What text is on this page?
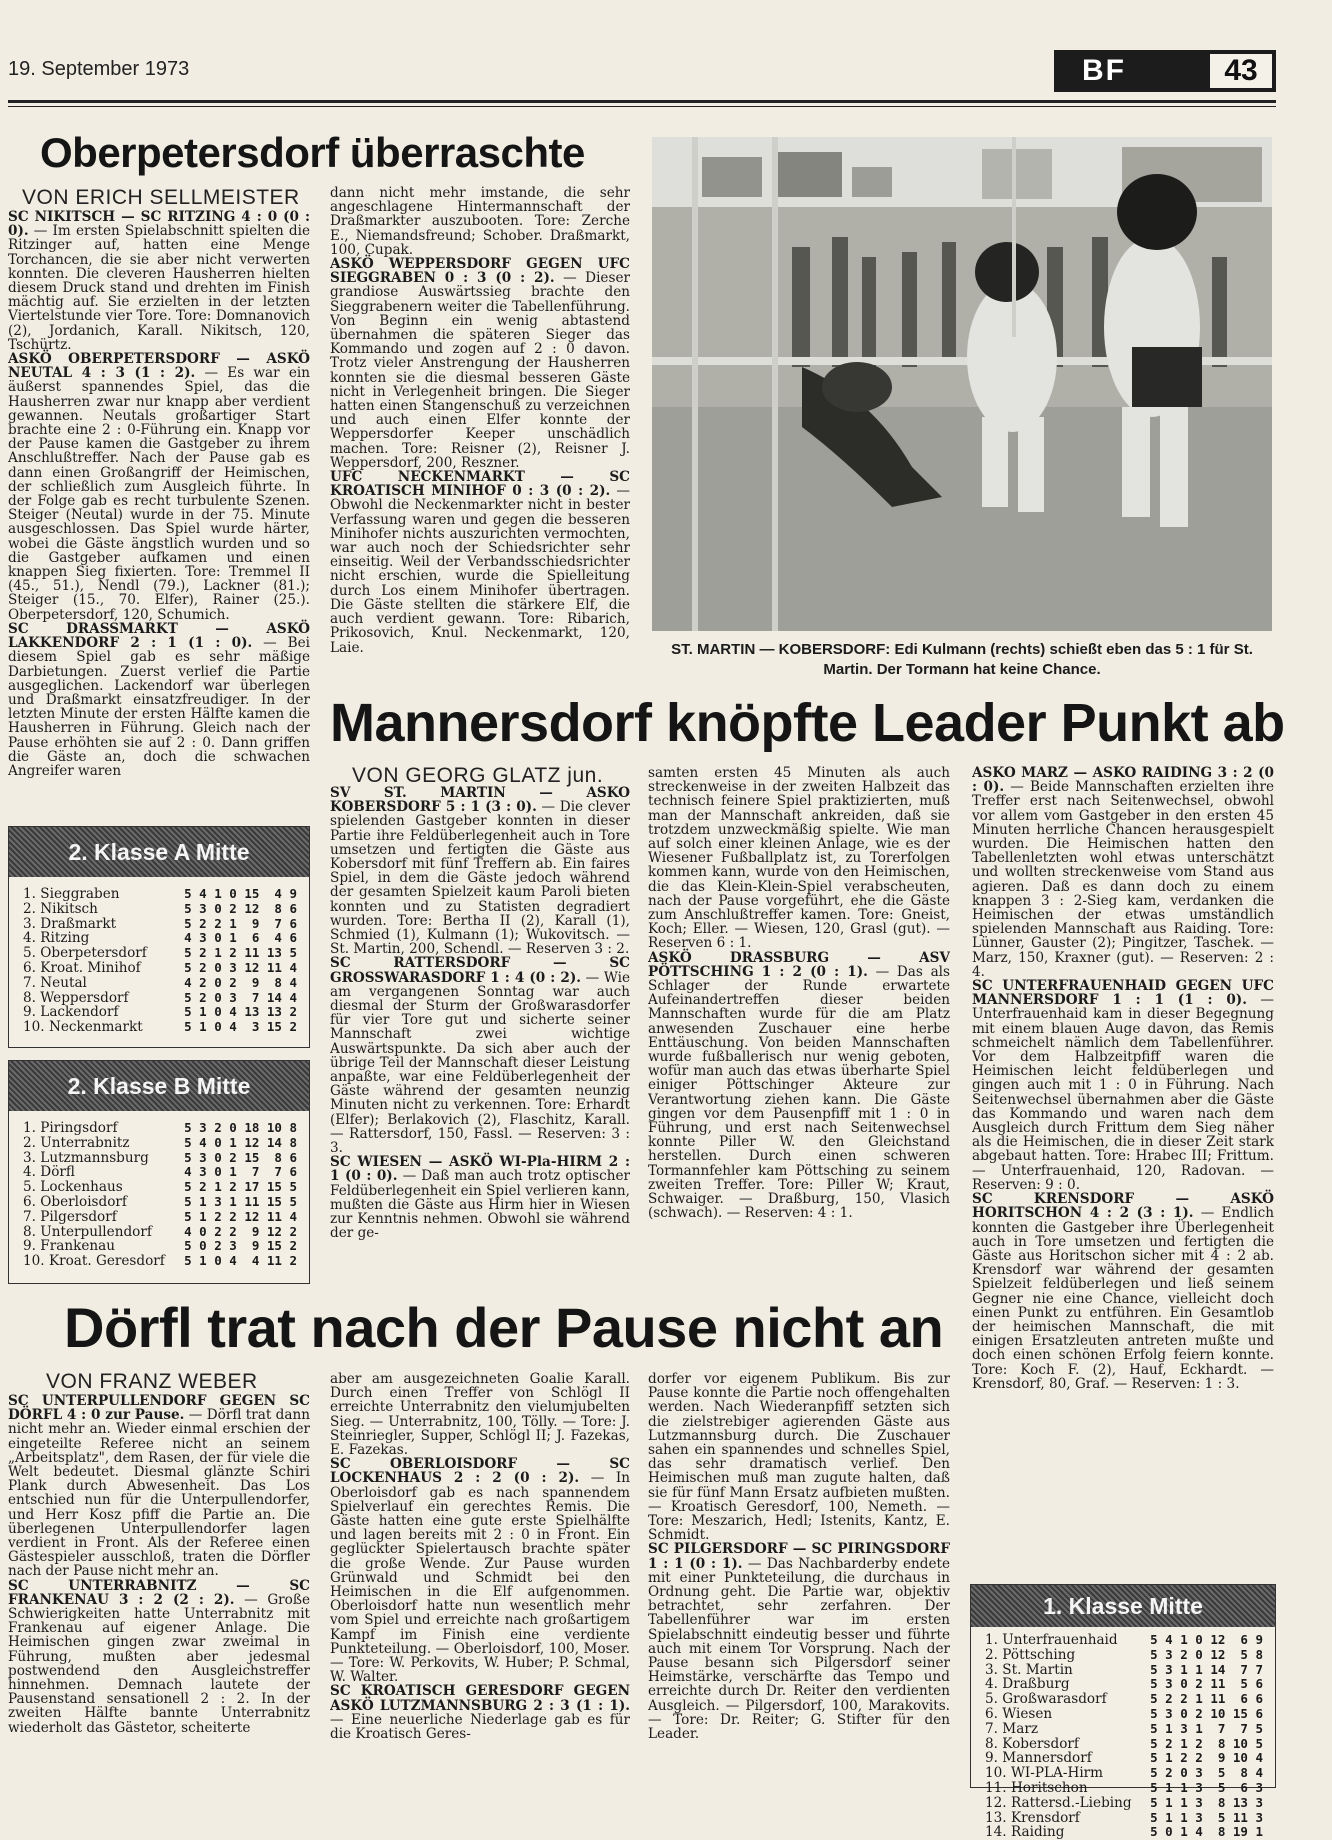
19. September 1973	BF	43
Oberpetersdorf überraschte
VON ERICH SELLMEISTER

SC NIKITSCH — SC RITZING 4 : 0 (0 : 0). — Im ersten Spielabschnitt spielten die Ritzinger auf, hatten eine Menge Torchancen, die sie aber nicht verwerten konnten. Die cleveren Hausherren hielten diesem Druck stand und drehten im Finish mächtig auf. Sie erzielten in der letzten Viertelstunde vier Tore. Tore: Domnanovich (2), Jordanich, Karall. Nikitsch, 120, Tschürtz.

ASKÖ OBERPETERSDORF — ASKÖ NEUTAL 4 : 3 (1 : 2). — Es war ein äußerst spannendes Spiel, das die Hausherren zwar nur knapp aber verdient gewannen. Neutals großartiger Start brachte eine 2 : 0-Führung ein. Knapp vor der Pause kamen die Gastgeber zu ihrem Anschlußtreffer. Nach der Pause gab es dann einen Großangriff der Heimischen, der schließlich zum Ausgleich führte. In der Folge gab es recht turbulente Szenen. Steiger (Neutal) wurde in der 75. Minute ausgeschlossen. Das Spiel wurde härter, wobei die Gäste ängstlich wurden und so die Gastgeber aufkamen und einen knappen Sieg fixierten. Tore: Tremmel II (45., 51.), Nendl (79.), Lackner (81.); Steiger (15., 70. Elfer), Rainer (25.). Oberpetersdorf, 120, Schumich.

SC DRASSMARKT — ASKÖ LAKKENDORF 2 : 1 (1 : 0). — Bei diesem Spiel gab es sehr mäßige Darbietungen. Zuerst verlief die Partie ausgeglichen. Lackendorf war überlegen und Draßmarkt einsatzfreudiger. In der letzten Minute der ersten Hälfte kamen die Hausherren in Führung. Gleich nach der Pause erhöhten sie auf 2 : 0. Dann griffen die Gäste an, doch die schwachen Angreifer waren

dann nicht mehr imstande, die sehr angeschlagene Hintermannschaft der Draßmarkter auszubooten. Tore: Zerche E., Niemandsfreund; Schober. Draßmarkt, 100, Cupak.

ASKÖ WEPPERSDORF GEGEN UFC SIEGGRABEN 0 : 3 (0 : 2). — Dieser grandiose Auswärtssieg brachte den Sieggrabenern weiter die Tabellenführung. Von Beginn ein wenig abtastend übernahmen die späteren Sieger das Kommando und zogen auf 2 : 0 davon. Trotz vieler Anstrengung der Hausherren konnten sie die diesmal besseren Gäste nicht in Verlegenheit bringen. Die Sieger hatten einen Stangenschuß zu verzeichnen und auch einen Elfer konnte der Weppersdorfer Keeper unschädlich machen. Tore: Reisner (2), Reisner J. Weppersdorf, 200, Reszner.

UFC NECKENMARKT — SC KROATISCH MINIHOF 0 : 3 (0 : 2). — Obwohl die Neckenmarkter nicht in bester Verfassung waren und gegen die besseren Minihofer nichts auszurichten vermochten, war auch noch der Schiedsrichter sehr einseitig. Weil der Verbandsschiedsrichter nicht erschien, wurde die Spielleitung durch Los einem Minihofer übertragen. Die Gäste stellten die stärkere Elf, die auch verdient gewann. Tore: Ribarich, Prikosovich, Knul. Neckenmarkt, 120, Laie.	ST. MARTIN — KOBERSDORF: Edi Kulmann (rechts) schießt eben das 5 : 1 für St. Martin. Der Tormann hat keine Chance.
Mannersdorf knöpfte Leader Punkt ab
VON GEORG GLATZ jun.
2. Klasse A Mitte
1. Sieggraben	5 4 1 0 15  4 9
2. Nikitsch	5 3 0 2 12  8 6
3. Draßmarkt	5 2 2 1  9  7 6
4. Ritzing	4 3 0 1  6  4 6
5. Oberpetersdorf	5 2 1 2 11 13 5
6. Kroat. Minihof	5 2 0 3 12 11 4
7. Neutal	4 2 0 2  9  8 4
8. Weppersdorf	5 2 0 3  7 14 4
9. Lackendorf	5 1 0 4 13 13 2
10. Neckenmarkt	5 1 0 4  3 15 2
2. Klasse B Mitte
1. Piringsdorf	5 3 2 0 18 10 8
2. Unterrabnitz	5 4 0 1 12 14 8
3. Lutzmannsburg	5 3 0 2 15  8 6
4. Dörfl	4 3 0 1  7  7 6
5. Lockenhaus	5 2 1 2 17 15 5
6. Oberloisdorf	5 1 3 1 11 15 5
7. Pilgersdorf	5 1 2 2 12 11 4
8. Unterpullendorf	4 0 2 2  9 12 2
9. Frankenau	5 0 2 3  9 15 2
10. Kroat. Geresdorf	5 1 0 4  4 11 2

SV ST. MARTIN — ASKÖ KOBERSDORF 5 : 1 (3 : 0). — Die clever spielenden Gastgeber konnten in dieser Partie ihre Feldüberlegenheit auch in Tore umsetzen und fertigten die Gäste aus Kobersdorf mit fünf Treffern ab. Ein faires Spiel, in dem die Gäste jedoch während der gesamten Spielzeit kaum Paroli bieten konnten und zu Statisten degradiert wurden. Tore: Bertha II (2), Karall (1), Schmied (1), Kulmann (1); Wukovitsch. — St. Martin, 200, Schendl. — Reserven 3 : 2.

SC RATTERSDORF — SC GROSSWARASDORF 1 : 4 (0 : 2). — Wie am vergangenen Sonntag war auch diesmal der Sturm der Großwarasdorfer für vier Tore gut und sicherte seiner Mannschaft zwei wichtige Auswärtspunkte. Da sich aber auch der übrige Teil der Mannschaft dieser Leistung anpaßte, war eine Feldüberlegenheit der Gäste während der gesamten neunzig Minuten nicht zu verkennen. Tore: Erhardt (Elfer); Berlakovich (2), Flaschitz, Karall. — Rattersdorf, 150, Fassl. — Reserven: 3 : 3.

SC WIESEN — ASKÖ WI-Pla-HIRM 2 : 1 (0 : 0). — Daß man auch trotz optischer Feldüberlegenheit ein Spiel verlieren kann, mußten die Gäste aus Hirm hier in Wiesen zur Kenntnis nehmen. Obwohl sie während der ge-

samten ersten 45 Minuten als auch streckenweise in der zweiten Halbzeit das technisch feinere Spiel praktizierten, muß man der Mannschaft ankreiden, daß sie trotzdem unzweckmäßig spielte. Wie man auf solch einer kleinen Anlage, wie es der Wiesener Fußballplatz ist, zu Torerfolgen kommen kann, wurde von den Heimischen, die das Klein-Klein-Spiel verabscheuten, nach der Pause vorgeführt, ehe die Gäste zum Anschlußtreffer kamen. Tore: Gneist, Koch; Eller. — Wiesen, 120, Grasl (gut). — Reserven 6 : 1.

ASKÖ DRASSBURG — ASV PÖTTSCHING 1 : 2 (0 : 1). — Das als Schlager der Runde erwartete Aufeinandertreffen dieser beiden Mannschaften wurde für die am Platz anwesenden Zuschauer eine herbe Enttäuschung. Von beiden Mannschaften wurde fußballerisch nur wenig geboten, wofür man auch das etwas überharte Spiel einiger Pöttschinger Akteure zur Verantwortung ziehen kann. Die Gäste gingen vor dem Pausenpfiff mit 1 : 0 in Führung, und erst nach Seitenwechsel konnte Piller W. den Gleichstand herstellen. Durch einen schweren Tormannfehler kam Pöttsching zu seinem zweiten Treffer. Tore: Piller W; Kraut, Schwaiger. — Draßburg, 150, Vlasich (schwach). — Reserven: 4 : 1.

ASKÖ MARZ — ASKÖ RAIDING 3 : 2 (0 : 0). — Beide Mannschaften erzielten ihre Treffer erst nach Seitenwechsel, obwohl vor allem vom Gastgeber in den ersten 45 Minuten herrliche Chancen herausgespielt wurden. Die Heimischen hatten den Tabellenletzten wohl etwas unterschätzt und wollten streckenweise vom Stand aus agieren. Daß es dann doch zu einem knappen 3 : 2-Sieg kam, verdanken die Heimischen der etwas umständlich spielenden Mannschaft aus Raiding. Tore: Lünner, Gauster (2); Pingitzer, Taschek. — Marz, 150, Kraxner (gut). — Reserven: 2 : 4.

SC UNTERFRAUENHAID GEGEN UFC MANNERSDORF 1 : 1 (1 : 0). — Unterfrauenhaid kam in dieser Begegnung mit einem blauen Auge davon, das Remis schmeichelt nämlich dem Tabellenführer. Vor dem Halbzeitpfiff waren die Heimischen leicht feldüberlegen und gingen auch mit 1 : 0 in Führung. Nach Seitenwechsel übernahmen aber die Gäste das Kommando und waren nach dem Ausgleich durch Frittum dem Sieg näher als die Heimischen, die in dieser Zeit stark abgebaut hatten. Tore: Hrabec III; Frittum. — Unterfrauenhaid, 120, Radovan. — Reserven: 9 : 0.

SC KRENSDORF — ASKÖ HORITSCHON 4 : 2 (3 : 1). — Endlich konnten die Gastgeber ihre Überlegenheit auch in Tore umsetzen und fertigten die Gäste aus Horitschon sicher mit 4 : 2 ab. Krensdorf war während der gesamten Spielzeit feldüberlegen und ließ seinem Gegner nie eine Chance, vielleicht doch einen Punkt zu entführen. Ein Gesamtlob der heimischen Mannschaft, die mit einigen Ersatzleuten antreten mußte und doch einen schönen Erfolg feiern konnte. Tore: Koch F. (2), Hauf, Eckhardt. — Krensdorf, 80, Graf. — Reserven: 1 : 3.

Dörfl trat nach der Pause nicht an
VON FRANZ WEBER

SC UNTERPULLENDORF GEGEN SC DÖRFL 4 : 0 zur Pause. — Dörfl trat dann nicht mehr an. Wieder einmal erschien der eingeteilte Referee nicht an seinem „Arbeitsplatz", dem Rasen, der für viele die Welt bedeutet. Diesmal glänzte Schiri Plank durch Abwesenheit. Das Los entschied nun für die Unterpullendorfer, und Herr Kosz pfiff die Partie an. Die überlegenen Unterpullendorfer lagen verdient in Front. Als der Referee einen Gästespieler ausschloß, traten die Dörfler nach der Pause nicht mehr an.

SC UNTERRABNITZ — SC FRANKENAU 3 : 2 (2 : 2). — Große Schwierigkeiten hatte Unterrabnitz mit Frankenau auf eigener Anlage. Die Heimischen gingen zwar zweimal in Führung, mußten aber jedesmal postwendend den Ausgleichstreffer hinnehmen. Demnach lautete der Pausenstand sensationell 2 : 2. In der zweiten Hälfte bannte Unterrabnitz wiederholt das Gästetor, scheiterte

aber am ausgezeichneten Goalie Karall. Durch einen Treffer von Schlögl II erreichte Unterrabnitz den vielumjubelten Sieg. — Unterrabnitz, 100, Tölly. — Tore: J. Steinriegler, Supper, Schlögl II; J. Fazekas, E. Fazekas.

SC OBERLOISDORF — SC LOCKENHAUS 2 : 2 (0 : 2). — In Oberloisdorf gab es nach spannendem Spielverlauf ein gerechtes Remis. Die Gäste hatten eine gute erste Spielhälfte und lagen bereits mit 2 : 0 in Front. Ein geglückter Spielertausch brachte später die große Wende. Zur Pause wurden Grünwald und Schmidt bei den Heimischen in die Elf aufgenommen. Oberloisdorf hatte nun wesentlich mehr vom Spiel und erreichte nach großartigem Kampf im Finish eine verdiente Punkteteilung. — Oberloisdorf, 100, Moser. — Tore: W. Perkovits, W. Huber; P. Schmal, W. Walter.

SC KROATISCH GERESDORF GEGEN ASKÖ LUTZMANNSBURG 2 : 3 (1 : 1). — Eine neuerliche Niederlage gab es für die Kroatisch Geres-

dorfer vor eigenem Publikum. Bis zur Pause konnte die Partie noch offengehalten werden. Nach Wiederanpfiff setzten sich die zielstrebiger agierenden Gäste aus Lutzmannsburg durch. Die Zuschauer sahen ein spannendes und schnelles Spiel, das sehr dramatisch verlief. Den Heimischen muß man zugute halten, daß sie für fünf Mann Ersatz aufbieten mußten. — Kroatisch Geresdorf, 100, Nemeth. — Tore: Meszarich, Hedl; Istenits, Kantz, E. Schmidt.

SC PILGERSDORF — SC PIRINGSDORF 1 : 1 (0 : 1). — Das Nachbarderby endete mit einer Punkteteilung, die durchaus in Ordnung geht. Die Partie war, objektiv betrachtet, sehr zerfahren. Der Tabellenführer war im ersten Spielabschnitt eindeutig besser und führte auch mit einem Tor Vorsprung. Nach der Pause besann sich Pilgersdorf seiner Heimstärke, verschärfte das Tempo und erreichte durch Dr. Reiter den verdienten Ausgleich. — Pilgersdorf, 100, Marakovits. — Tore: Dr. Reiter; G. Stifter für den Leader.

1. Klasse Mitte
1. Unterfrauenhaid	5 4 1 0 12  6 9
2. Pöttsching	5 3 2 0 12  5 8
3. St. Martin	5 3 1 1 14  7 7
4. Draßburg	5 3 0 2 11  5 6
5. Großwarasdorf	5 2 2 1 11  6 6
6. Wiesen	5 3 0 2 10 15 6
7. Marz	5 1 3 1  7  7 5
8. Kobersdorf	5 2 1 2  8 10 5
9. Mannersdorf	5 1 2 2  9 10 4
10. WI-PLA-Hirm	5 2 0 3  5  8 4
11. Horitschon	5 1 1 3  5  6 3
12. Rattersd.-Liebing	5 1 1 3  8 13 3
13. Krensdorf	5 1 1 3  5 11 3
14. Raiding	5 0 1 4  8 19 1
